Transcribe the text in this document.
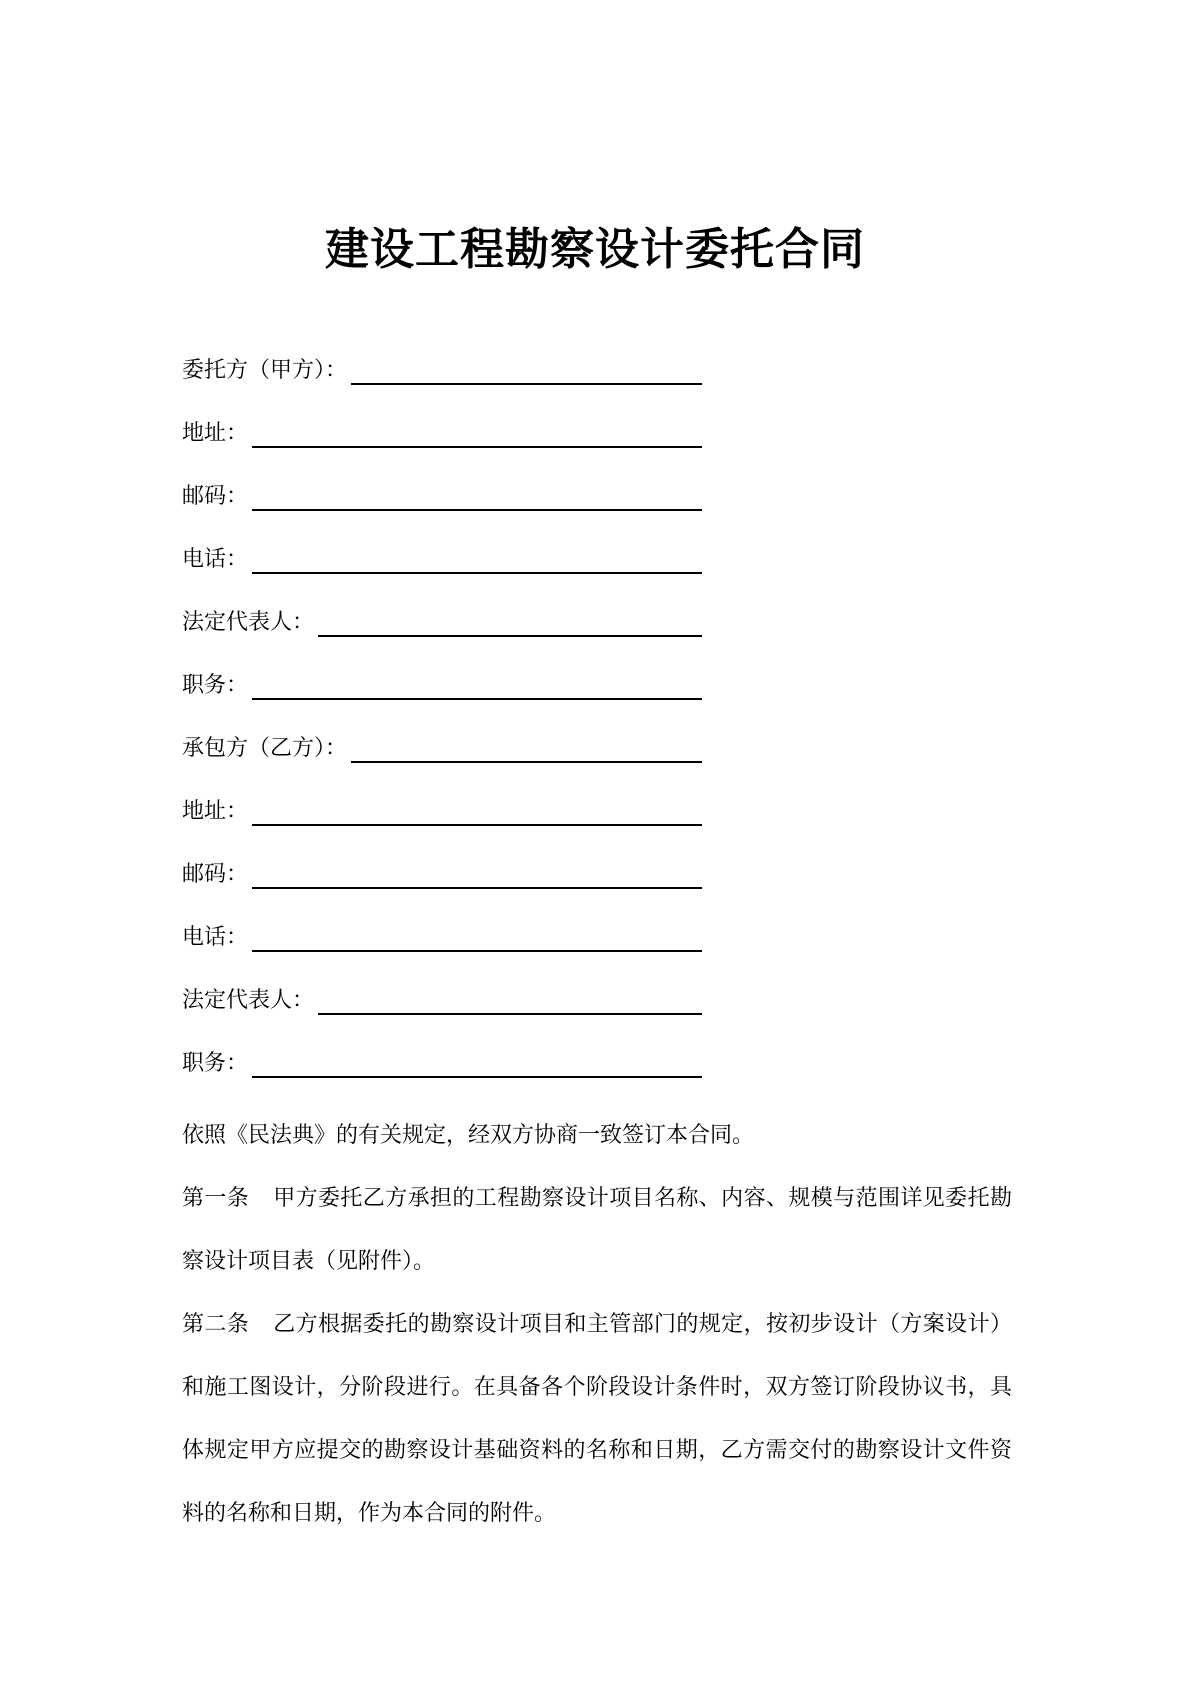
建设工程勘察设计委托合同
委托方（甲方）：
地址：
邮码：
电话：
法定代表人：
职务：
承包方（乙方）：
地址：
邮码：
电话：
法定代表人：
职务：

依照《民法典》的有关规定，经双方协商一致签订本合同。

第一条 甲方委托乙方承担的工程勘察设计项目名称、内容、规模与范围详见委托勘察设计项目表（见附件）。

第二条 乙方根据委托的勘察设计项目和主管部门的规定，按初步设计（方案设计）和施工图设计，分阶段进行。在具备各个阶段设计条件时，双方签订阶段协议书，具体规定甲方应提交的勘察设计基础资料的名称和日期，乙方需交付的勘察设计文件资料的名称和日期，作为本合同的附件。
